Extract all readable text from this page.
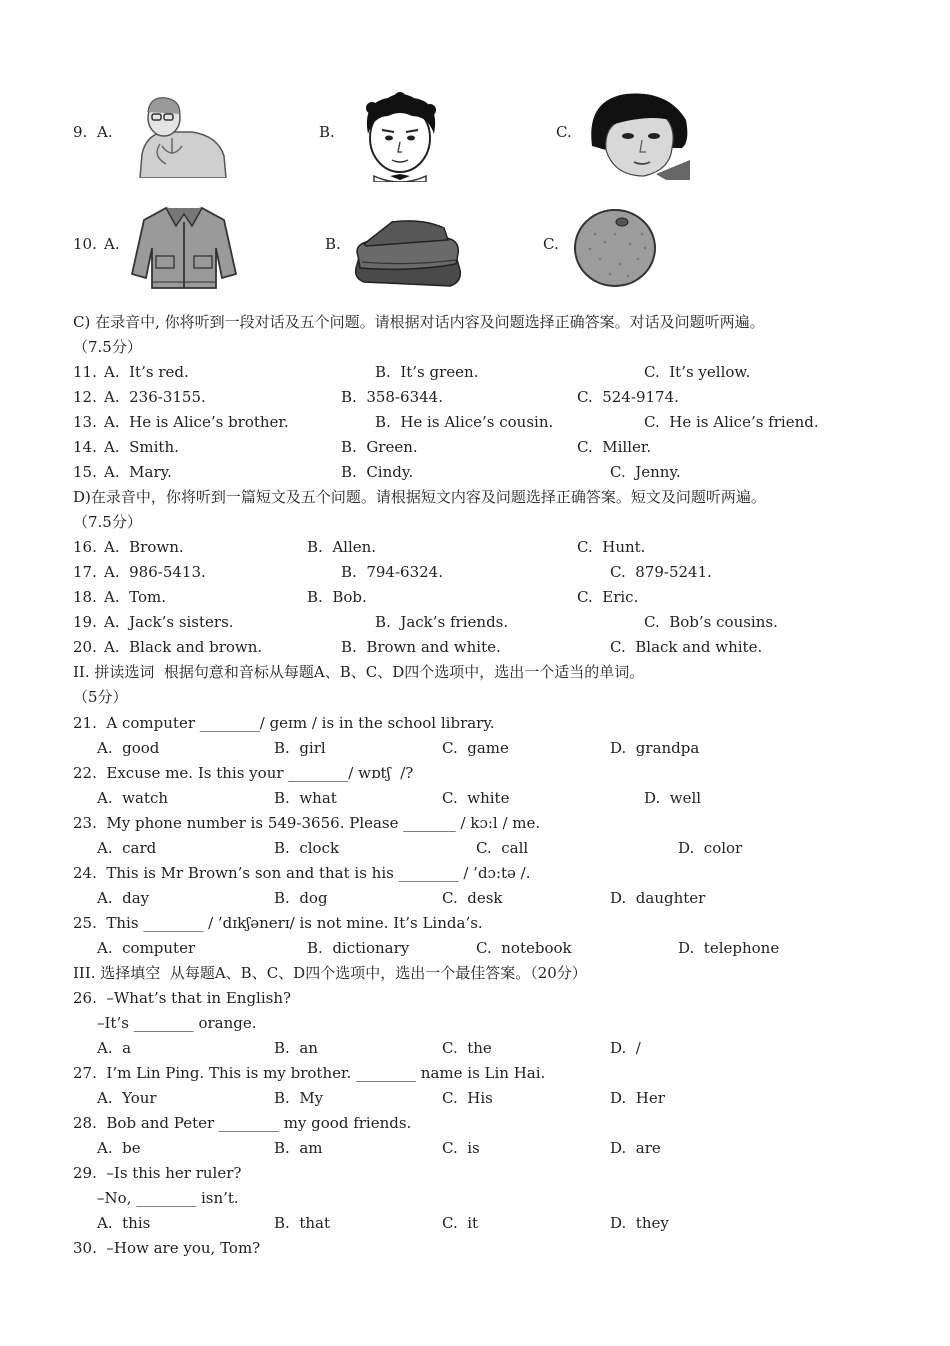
9. A.	B.	C.
10. A.	B.	C.
C) 在录音中, 你将听到一段对话及五个问题。请根据对话内容及问题选择正确答案。对话及问题听两遍。
（7.5分）
11. A.  It’s red.	B.  It’s green.	C.  It’s yellow.
12. A.  236-3155.	B.  358-6344.	C.  524-9174.
13. A.  He is Alice’s brother.	B.  He is Alice’s cousin.	C.  He is Alice’s friend.
14. A.  Smith.	B.  Green.	C.  Miller.
15. A.  Mary.	B.  Cindy.	C.  Jenny.
D)在录音中，你将听到一篇短文及五个问题。请根据短文内容及问题选择正确答案。短文及问题听两遍。
（7.5分）
16. A.  Brown.	B.  Allen.	C.  Hunt.
17. A.  986-5413.	B.  794-6324.	C.  879-5241.
18. A.  Tom.	B.  Bob.	C.  Eric.
19. A.  Jack’s sisters.	B.  Jack’s friends.	C.  Bob’s cousins.
20. A.  Black and brown.	B.  Brown and white.	C.  Black and white.
II. 拼读选词  根据句意和音标从每题A、B、C、D四个选项中，选出一个适当的单词。
（5分）
21.  A computer ________/ geɪm / is in the school library.
A.  good	B.  girl	C.  game	D.  grandpa
22.  Excuse me. Is this your ________/ wɒtʃ  /?
A.  watch	B.  what	C.  white	D.  well
23.  My phone number is 549-3656. Please _______ / kɔ:l / me.
A.  card	B.  clock	C.  call	D.  color
24.  This is Mr Brown’s son and that is his ________ / ’dɔ:tə /.
A.  day	B.  dog	C.  desk	D.  daughter
25.  This ________ / ’dɪkʃənerɪ/ is not mine. It’s Linda’s.
A.  computer	B.  dictionary	C.  notebook	D.  telephone
III. 选择填空  从每题A、B、C、D四个选项中，选出一个最佳答案。（20分）
26.  –What’s that in English?
–It’s ________ orange.
A.  a	B.  an	C.  the	D.  /
27.  I’m Lin Ping. This is my brother. ________ name is Lin Hai.
A.  Your	B.  My	C.  His	D.  Her
28.  Bob and Peter ________ my good friends.
A.  be	B.  am	C.  is	D.  are
29.  –Is this her ruler?
–No, ________ isn’t.
A.  this	B.  that	C.  it	D.  they
30.  –How are you, Tom?
